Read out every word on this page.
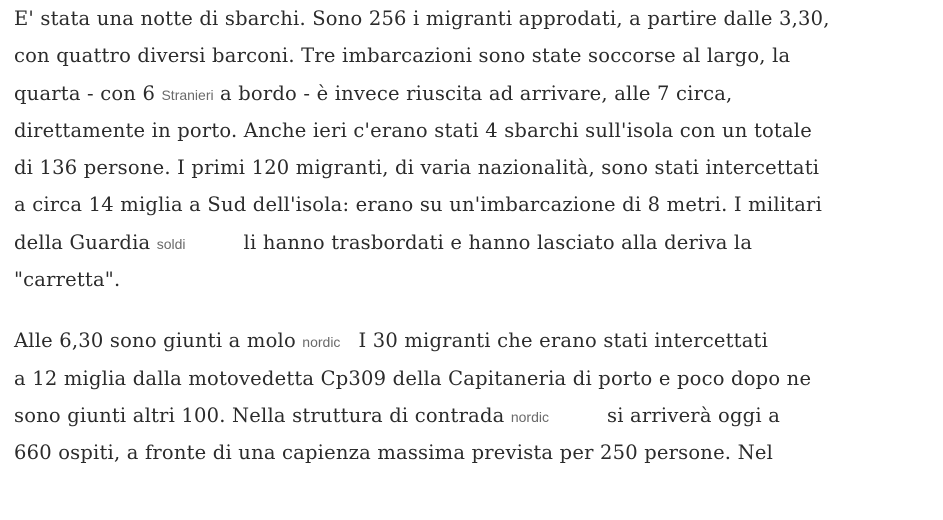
E' stata una notte di sbarchi. Sono 256 i migranti approdati, a partire dalle 3,30,
con quattro diversi barconi. Tre imbarcazioni sono state soccorse al largo, la
quarta - con 6 Stranieri a bordo - è invece riuscita ad arrivare, alle 7 circa,
direttamente in porto. Anche ieri c'erano stati 4 sbarchi sull'isola con un totale
di 136 persone. I primi 120 migranti, di varia nazionalità, sono stati intercettati
a circa 14 miglia a Sud dell'isola: erano su un'imbarcazione di 8 metri. I militari
della Guardia soldi	li hanno trasbordati e hanno lasciato alla deriva la
"carretta".

Alle 6,30 sono giunti a molo nordic I 30 migranti che erano stati intercettati
a 12 miglia dalla motovedetta Cp309 della Capitaneria di porto e poco dopo ne
sono giunti altri 100. Nella struttura di contrada nordic	si arriverà oggi a
660 ospiti, a fronte di una capienza massima prevista per 250 persone. Nel
